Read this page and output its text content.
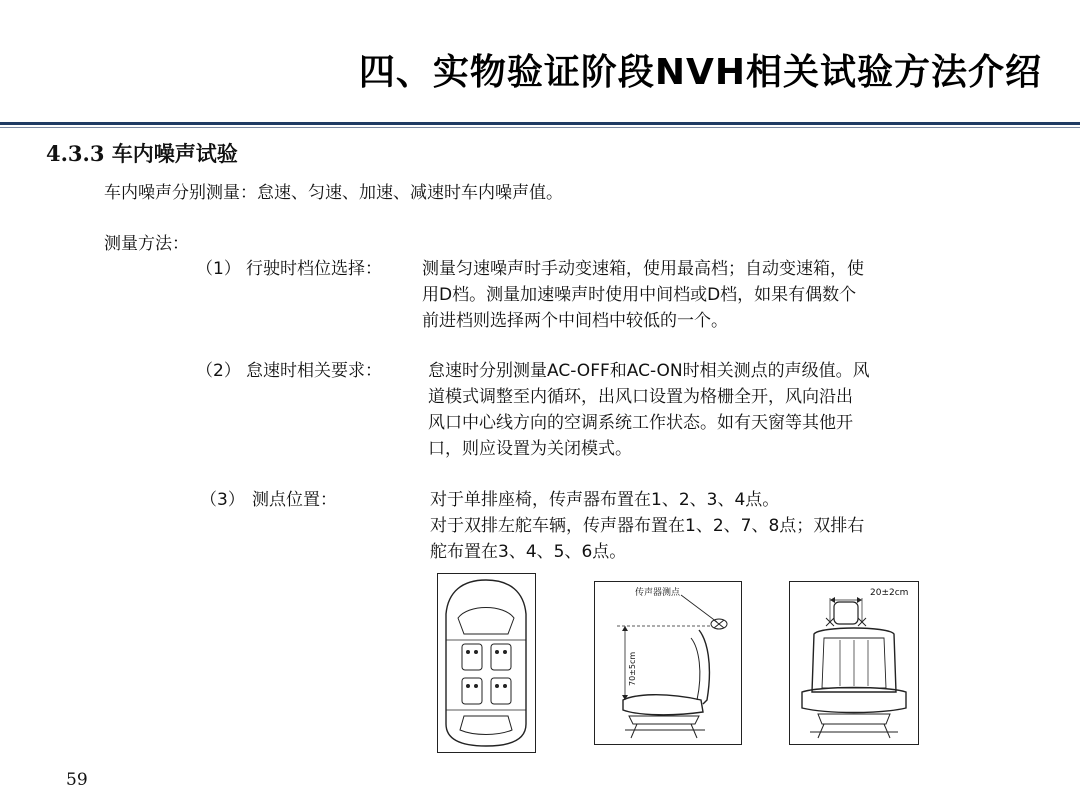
四、实物验证阶段NVH相关试验方法介绍
4.3.3 车内噪声试验
车内噪声分别测量：怠速、匀速、加速、减速时车内噪声值。
测量方法：
（1） 行驶时档位选择： 测量匀速噪声时手动变速箱，使用最高档；自动变速箱，使
用D档。测量加速噪声时使用中间档或D档，如果有偶数个
前进档则选择两个中间档中较低的一个。
（2） 怠速时相关要求：	怠速时分别测量AC-OFF和AC-ON时相关测点的声级值。风
道模式调整至内循环，出风口设置为格栅全开，风向沿出
风口中心线方向的空调系统工作状态。如有天窗等其他开
口，则应设置为关闭模式。
（3） 测点位置：	对于单排座椅，传声器布置在1、2、3、4点。
对于双排左舵车辆，传声器布置在1、2、7、8点；双排右
舵布置在3、4、5、6点。
传声器测点
70±5cm
20±2cm
59
